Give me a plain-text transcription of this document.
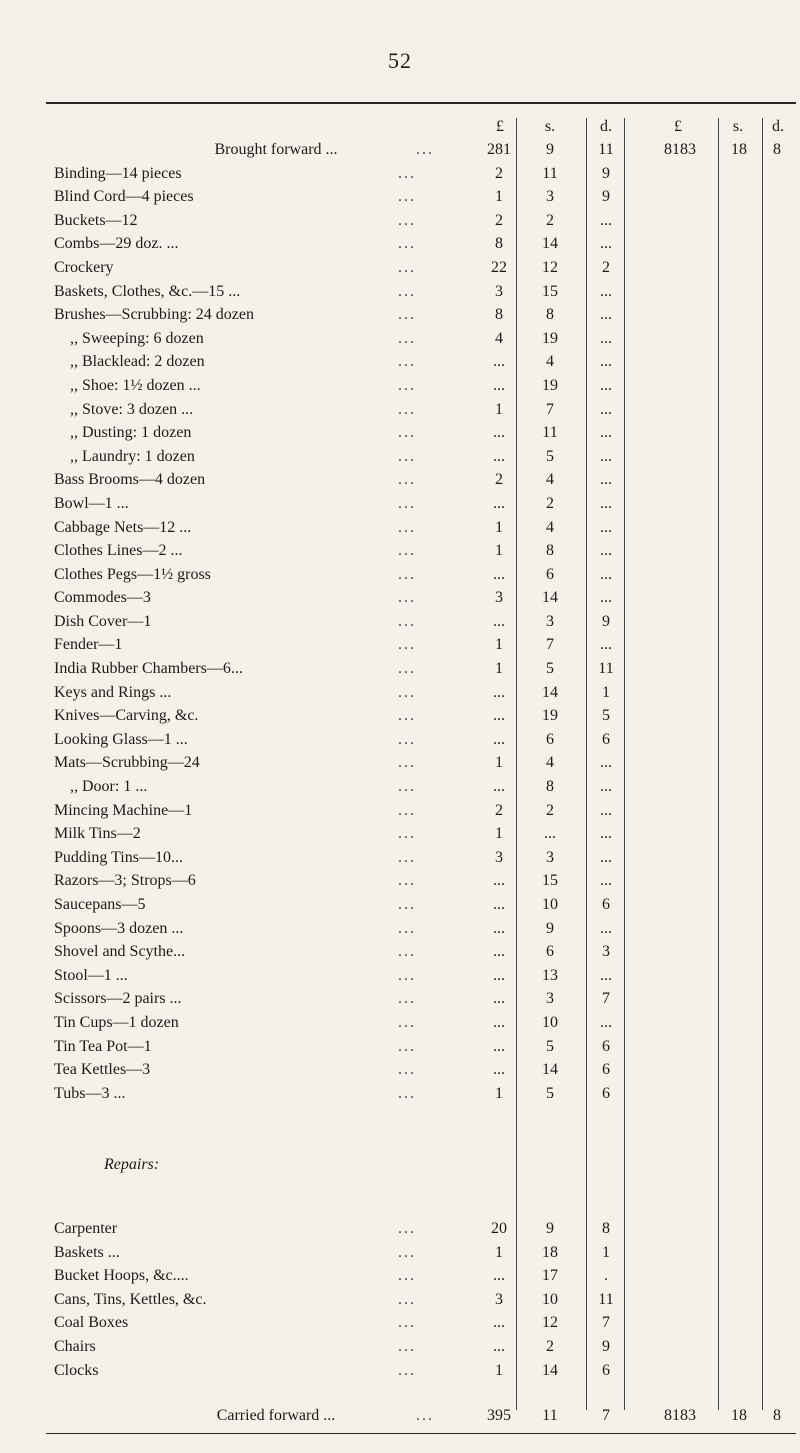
52
£	s.	d.	£	s.	d.
Brought forward ...	...	281	9	11	8183	18	8
Binding—14 pieces	...	2	11	9
Blind Cord—4 pieces	...	1	3	9
Buckets—12	...	2	2	...
Combs—29 doz. ...	...	8	14	...
Crockery	...	22	12	2
Baskets, Clothes, &c.—15 ...	...	3	15	...
Brushes—Scrubbing: 24 dozen	...	8	8	...
,, Sweeping: 6 dozen	...	4	19	...
,, Blacklead: 2 dozen	...	...	4	...
,, Shoe: 1½ dozen ...	...	...	19	...
,, Stove: 3 dozen ...	...	1	7	...
,, Dusting: 1 dozen	...	...	11	...
,, Laundry: 1 dozen	...	...	5	...
Bass Brooms—4 dozen	...	2	4	...
Bowl—1 ...	...	...	2	...
Cabbage Nets—12 ...	...	1	4	...
Clothes Lines—2 ...	...	1	8	...
Clothes Pegs—1½ gross	...	...	6	...
Commodes—3	...	3	14	...
Dish Cover—1	...	...	3	9
Fender—1	...	1	7	...
India Rubber Chambers—6...	...	1	5	11
Keys and Rings ...	...	...	14	1
Knives—Carving, &c.	...	...	19	5
Looking Glass—1 ...	...	...	6	6
Mats—Scrubbing—24	...	1	4	...
,, Door: 1 ...	...	...	8	...
Mincing Machine—1	...	2	2	...
Milk Tins—2	...	1	...	...
Pudding Tins—10...	...	3	3	...
Razors—3; Strops—6	...	...	15	...
Saucepans—5	...	...	10	6
Spoons—3 dozen ...	...	...	9	...
Shovel and Scythe...	...	...	6	3
Stool—1 ...	...	...	13	...
Scissors—2 pairs ...	...	...	3	7
Tin Cups—1 dozen	...	...	10	...
Tin Tea Pot—1	...	...	5	6
Tea Kettles—3	...	...	14	6
Tubs—3 ...	...	1	5	6
Repairs:
Carpenter	...	20	9	8
Baskets ...	...	1	18	1
Bucket Hoops, &c....	...	...	17	.
Cans, Tins, Kettles, &c.	...	3	10	11
Coal Boxes	...	...	12	7
Chairs	...	...	2	9
Clocks	...	1	14	6
Carried forward ...	...	395	11	7	8183	18	8
